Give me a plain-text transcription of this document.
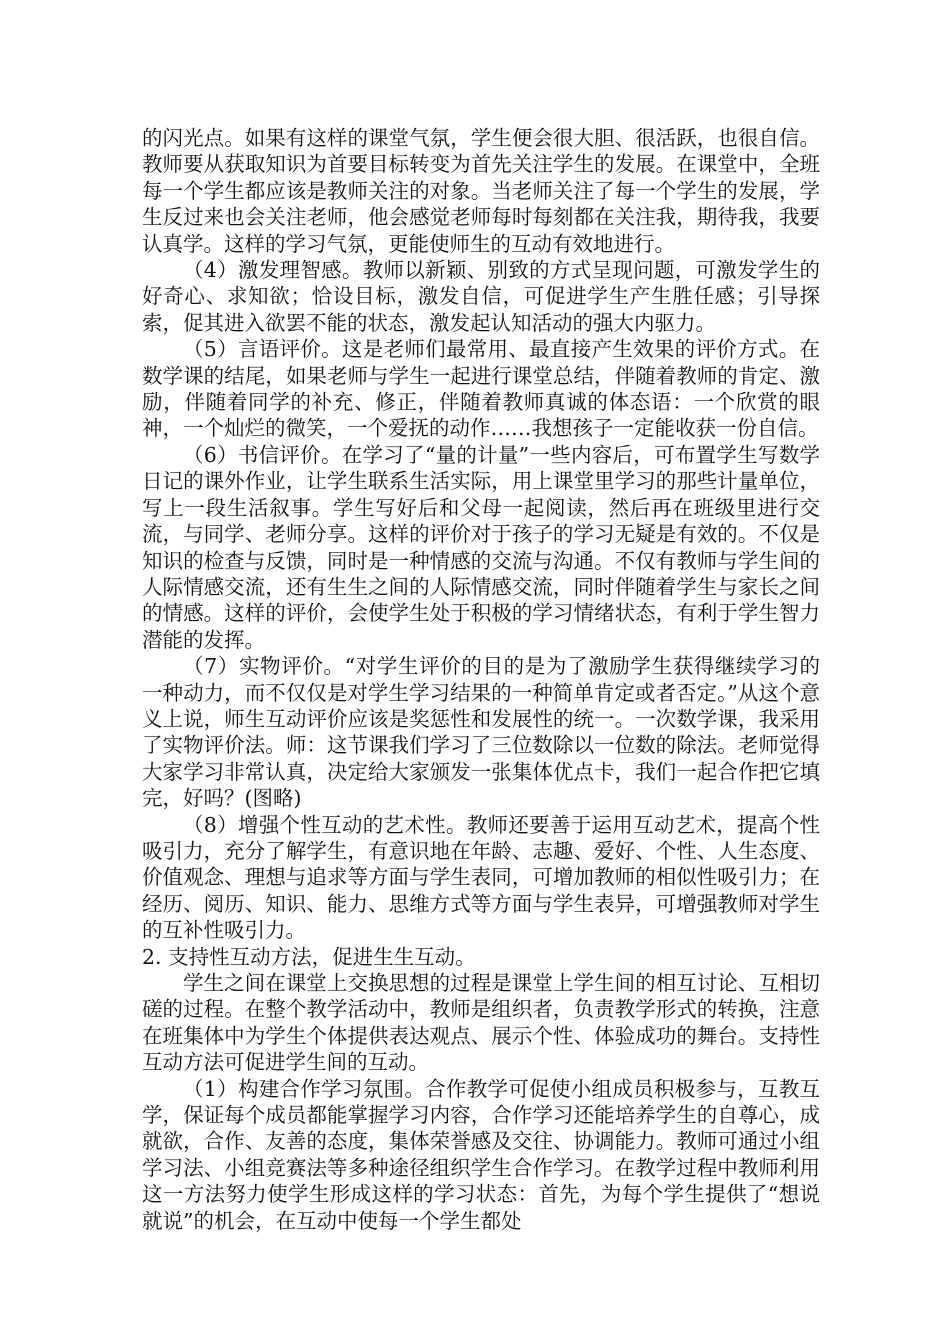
的闪光点。如果有这样的课堂气氛，学生便会很大胆、很活跃，也很自信。教师要从获取知识为首要目标转变为首先关注学生的发展。在课堂中，全班每一个学生都应该是教师关注的对象。当老师关注了每一个学生的发展，学生反过来也会关注老师，他会感觉老师每时每刻都在关注我，期待我，我要认真学。这样的学习气氛，更能使师生的互动有效地进行。

（4）激发理智感。教师以新颖、别致的方式呈现问题，可激发学生的好奇心、求知欲；恰设目标，激发自信，可促进学生产生胜任感；引导探索，促其进入欲罢不能的状态，激发起认知活动的强大内驱力。

（5）言语评价。这是老师们最常用、最直接产生效果的评价方式。在数学课的结尾，如果老师与学生一起进行课堂总结，伴随着教师的肯定、激励，伴随着同学的补充、修正，伴随着教师真诚的体态语：一个欣赏的眼神，一个灿烂的微笑，一个爱抚的动作……我想孩子一定能收获一份自信。

（6）书信评价。在学习了“量的计量”一些内容后，可布置学生写数学日记的课外作业，让学生联系生活实际，用上课堂里学习的那些计量单位，写上一段生活叙事。学生写好后和父母一起阅读，然后再在班级里进行交流，与同学、老师分享。这样的评价对于孩子的学习无疑是有效的。不仅是知识的检查与反馈，同时是一种情感的交流与沟通。不仅有教师与学生间的人际情感交流，还有生生之间的人际情感交流，同时伴随着学生与家长之间的情感。这样的评价，会使学生处于积极的学习情绪状态，有利于学生智力潜能的发挥。

（7）实物评价。“对学生评价的目的是为了激励学生获得继续学习的一种动力，而不仅仅是对学生学习结果的一种简单肯定或者否定。”从这个意义上说，师生互动评价应该是奖惩性和发展性的统一。一次数学课，我采用了实物评价法。师：这节课我们学习了三位数除以一位数的除法。老师觉得大家学习非常认真，决定给大家颁发一张集体优点卡，我们一起合作把它填完，好吗？(图略)

（8）增强个性互动的艺术性。教师还要善于运用互动艺术，提高个性吸引力，充分了解学生，有意识地在年龄、志趣、爱好、个性、人生态度、价值观念、理想与追求等方面与学生表同，可增加教师的相似性吸引力；在经历、阅历、知识、能力、思维方式等方面与学生表异，可增强教师对学生的互补性吸引力。

2. 支持性互动方法，促进生生互动。

学生之间在课堂上交换思想的过程是课堂上学生间的相互讨论、互相切磋的过程。在整个教学活动中，教师是组织者，负责教学形式的转换，注意在班集体中为学生个体提供表达观点、展示个性、体验成功的舞台。支持性互动方法可促进学生间的互动。

（1）构建合作学习氛围。合作教学可促使小组成员积极参与，互教互学，保证每个成员都能掌握学习内容，合作学习还能培养学生的自尊心，成就欲，合作、友善的态度，集体荣誉感及交往、协调能力。教师可通过小组学习法、小组竞赛法等多种途径组织学生合作学习。在教学过程中教师利用这一方法努力使学生形成这样的学习状态：首先，为每个学生提供了“想说就说”的机会，在互动中使每一个学生都处
